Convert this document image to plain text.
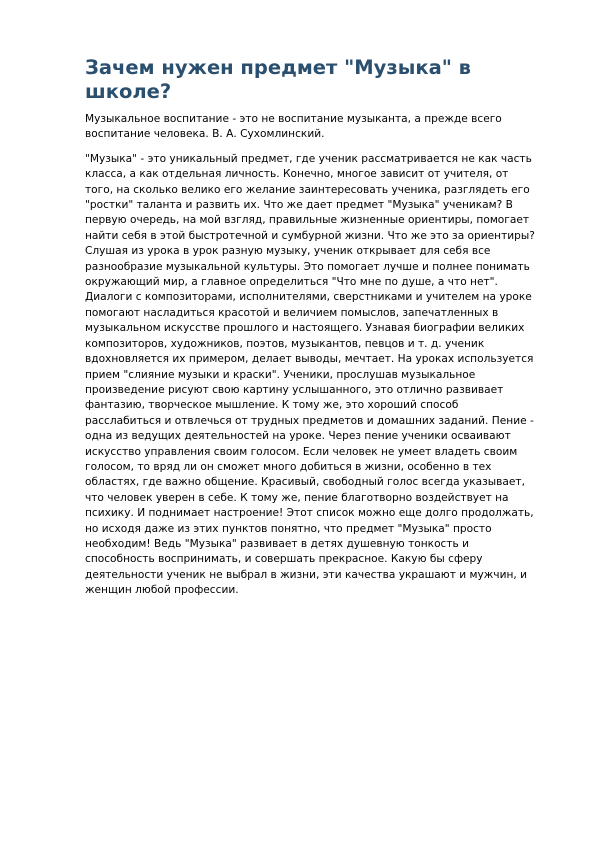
Зачем нужен предмет "Музыка" в школе?

Музыкальное воспитание - это не воспитание музыканта, а прежде всего воспитание человека. В. А. Сухомлинский.

"Музыка" - это уникальный предмет, где ученик рассматривается не как часть класса, а как отдельная личность. Конечно, многое зависит от учителя, от того, на сколько велико его желание заинтересовать ученика, разглядеть его "ростки" таланта и развить их. Что же дает предмет "Музыка" ученикам? В первую очередь, на мой взгляд, правильные жизненные ориентиры, помогает найти себя в этой быстротечной и сумбурной жизни. Что же это за ориентиры? Слушая из урока в урок разную музыку, ученик открывает для себя все разнообразие музыкальной культуры. Это помогает лучше и полнее понимать окружающий мир, а главное определиться "Что мне по душе, а что нет". Диалоги с композиторами, исполнителями, сверстниками и учителем на уроке помогают насладиться красотой и величием помыслов, запечатленных в музыкальном искусстве прошлого и настоящего. Узнавая биографии великих композиторов, художников, поэтов, музыкантов, певцов и т. д. ученик вдохновляется их примером, делает выводы, мечтает. На уроках используется прием "слияние музыки и краски". Ученики, прослушав музыкальное произведение рисуют свою картину услышанного, это отлично развивает фантазию, творческое мышление. К тому же, это хороший способ расслабиться и отвлечься от трудных предметов и домашних заданий. Пение - одна из ведущих деятельностей на уроке. Через пение ученики осваивают искусство управления своим голосом. Если человек не умеет владеть своим голосом, то вряд ли он сможет много добиться в жизни, особенно в тех областях, где важно общение. Красивый, свободный голос всегда указывает, что человек уверен в себе. К тому же, пение благотворно воздействует на психику. И поднимает настроение! Этот список можно еще долго продолжать, но исходя даже из этих пунктов понятно, что предмет "Музыка" просто необходим! Ведь "Музыка" развивает в детях душевную тонкость и способность воспринимать, и совершать прекрасное. Какую бы сферу деятельности ученик не выбрал в жизни, эти качества украшают и мужчин, и женщин любой профессии.
